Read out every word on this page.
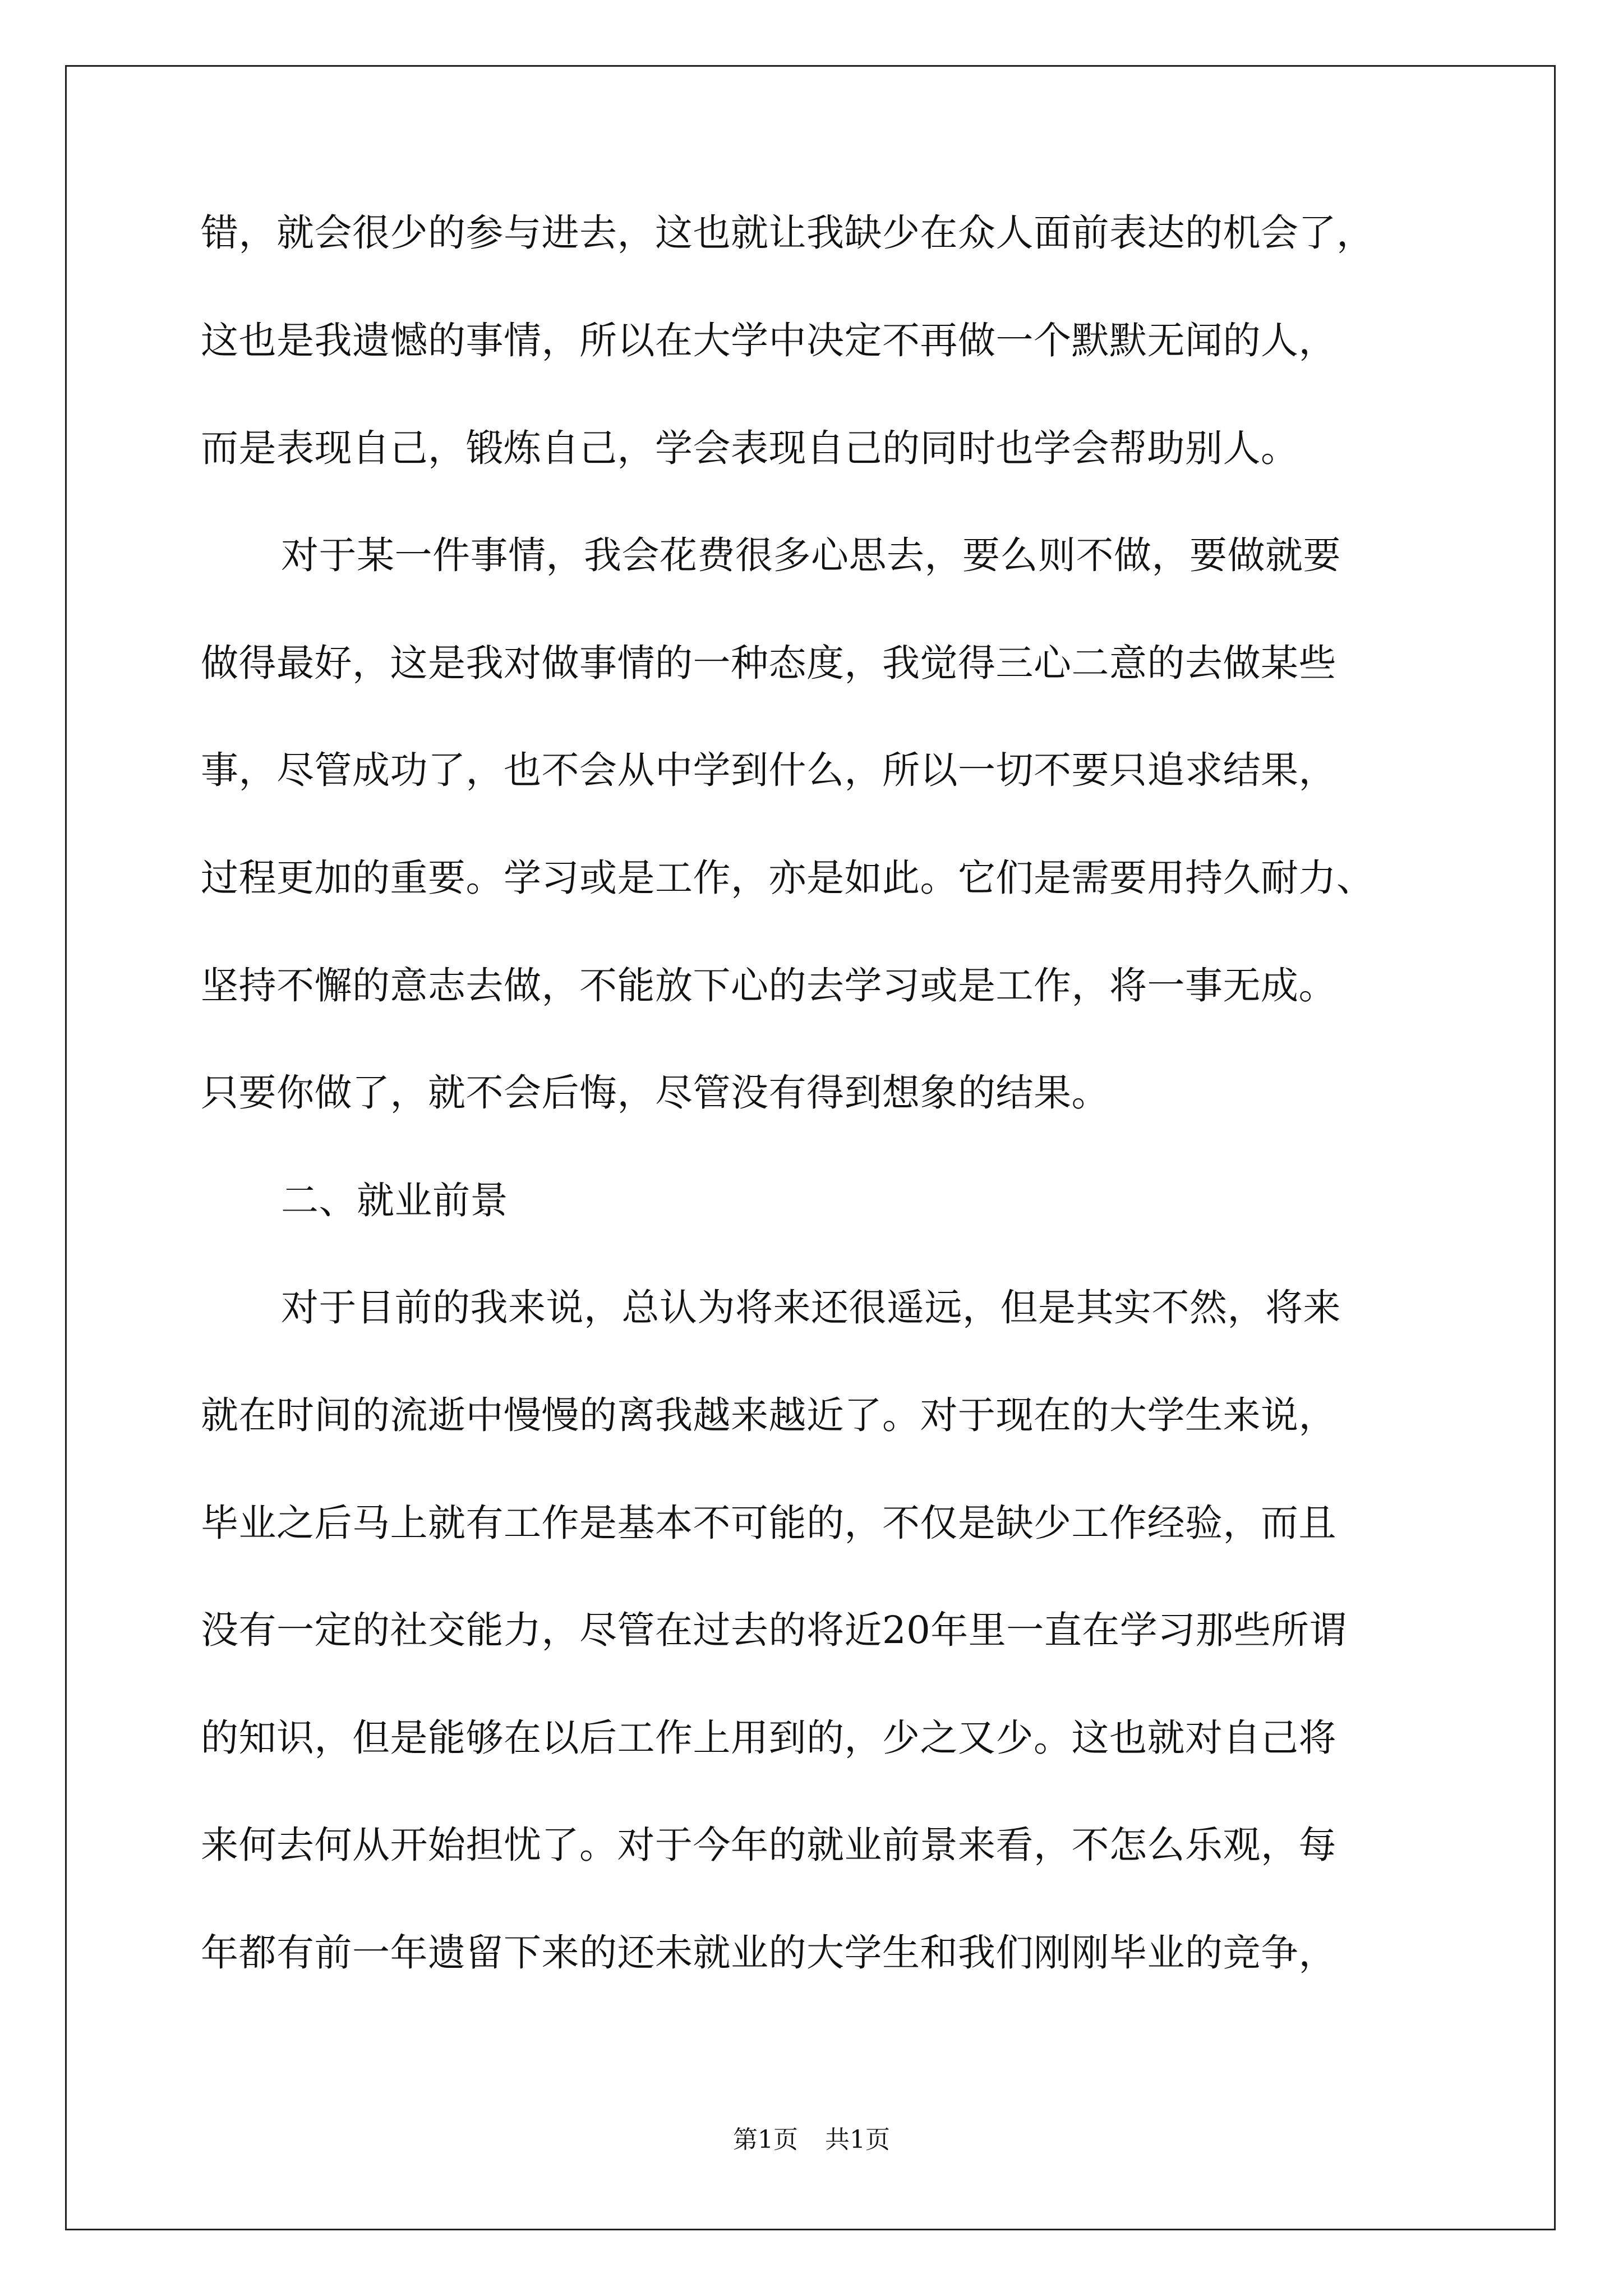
错，就会很少的参与进去，这也就让我缺少在众人面前表达的机会了，
这也是我遗憾的事情，所以在大学中决定不再做一个默默无闻的人，
而是表现自己，锻炼自己，学会表现自己的同时也学会帮助别人。
对于某一件事情，我会花费很多心思去，要么则不做，要做就要
做得最好，这是我对做事情的一种态度，我觉得三心二意的去做某些
事，尽管成功了，也不会从中学到什么，所以一切不要只追求结果，
过程更加的重要。学习或是工作，亦是如此。它们是需要用持久耐力、
坚持不懈的意志去做，不能放下心的去学习或是工作，将一事无成。
只要你做了，就不会后悔，尽管没有得到想象的结果。
二、就业前景
对于目前的我来说，总认为将来还很遥远，但是其实不然，将来
就在时间的流逝中慢慢的离我越来越近了。对于现在的大学生来说，
毕业之后马上就有工作是基本不可能的，不仅是缺少工作经验，而且
没有一定的社交能力，尽管在过去的将近20年里一直在学习那些所谓
的知识，但是能够在以后工作上用到的，少之又少。这也就对自己将
来何去何从开始担忧了。对于今年的就业前景来看，不怎么乐观，每
年都有前一年遗留下来的还未就业的大学生和我们刚刚毕业的竞争，
第1页 共1页
